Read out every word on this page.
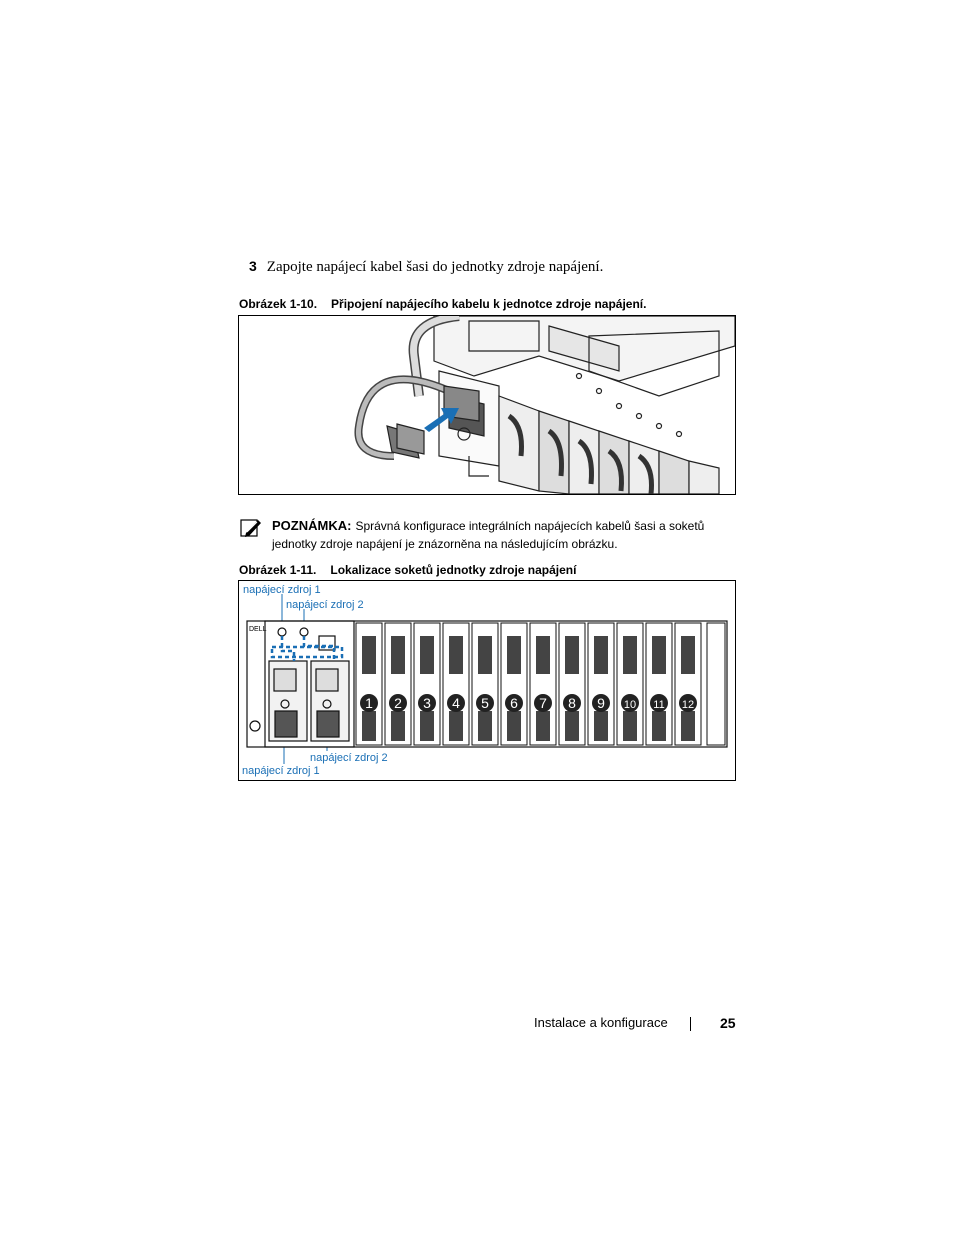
3 Zapojte napájecí kabel šasi do jednotky zdroje napájení.
Obrázek 1-10. Připojení napájecího kabelu k jednotce zdroje napájení.
POZNÁMKA: Správná konfigurace integrálních napájecích kabelů šasi a soketů jednotky zdroje napájení je znázorněna na následujícím obrázku.
Obrázek 1-11. Lokalizace soketů jednotky zdroje napájení
napájecí zdroj 1
napájecí zdroj 2
napájecí zdroj 2
napájecí zdroj 1
DELL
1 2 3 4 5 6 7 8 9 10 11 12
Instalace a konfigurace	25
